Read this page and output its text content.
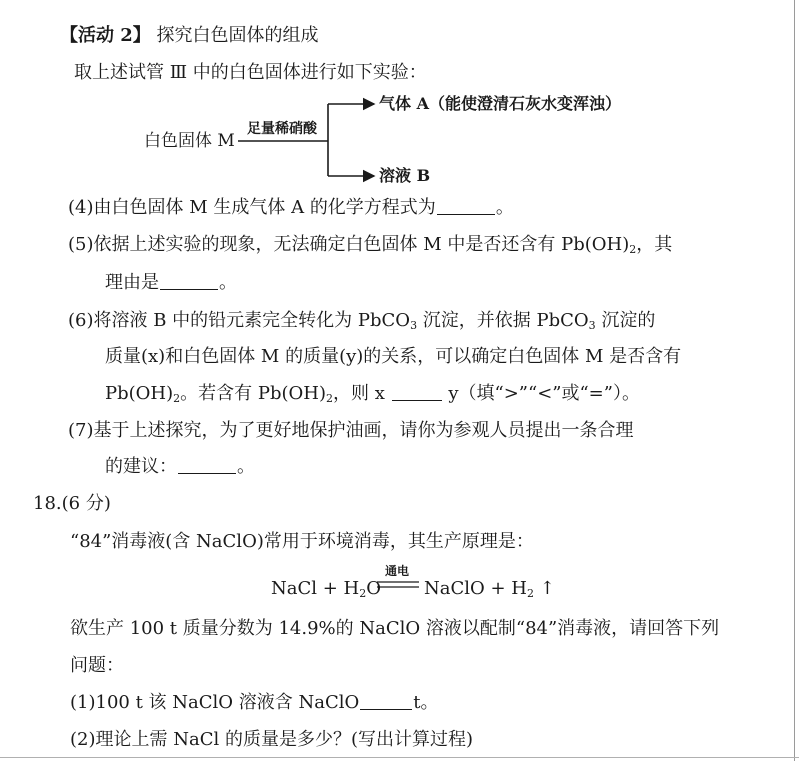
【活动 2】 探究白色固体的组成
取上述试管 Ⅲ 中的白色固体进行如下实验：
白色固体 M
足量稀硝酸
气体 A（能使澄清石灰水变浑浊）
溶液 B
(4)由白色固体 M 生成气体 A 的化学方程式为	。
(5)依据上述实验的现象，无法确定白色固体 M 中是否还含有 $Pb(OH)_2$，其
理由是	。
(6)将溶液 B 中的铅元素完全转化为 PbCO$_3$ 沉淀，并依据 PbCO$_3$ 沉淀的
质量(x)和白色固体 M 的质量(y)的关系，可以确定白色固体 M 是否含有
$Pb(OH)_2$。若含有 $Pb(OH)_2$，则 x	y（填“>”“<”或“=”）。
(7)基于上述探究，为了更好地保护油画，请你为参观人员提出一条合理
的建议：	。
18.(6 分)
“84”消毒液(含 NaClO)常用于环境消毒，其生产原理是：
NaCl + $H_2O$
通电
NaClO + $H_2$ ↑
欲生产 100 t 质量分数为 14.9%的 NaClO 溶液以配制“84”消毒液，请回答下列
问题：
(1)100 t 该 NaClO 溶液含 NaClO	t。
(2)理论上需 NaCl 的质量是多少？(写出计算过程)
